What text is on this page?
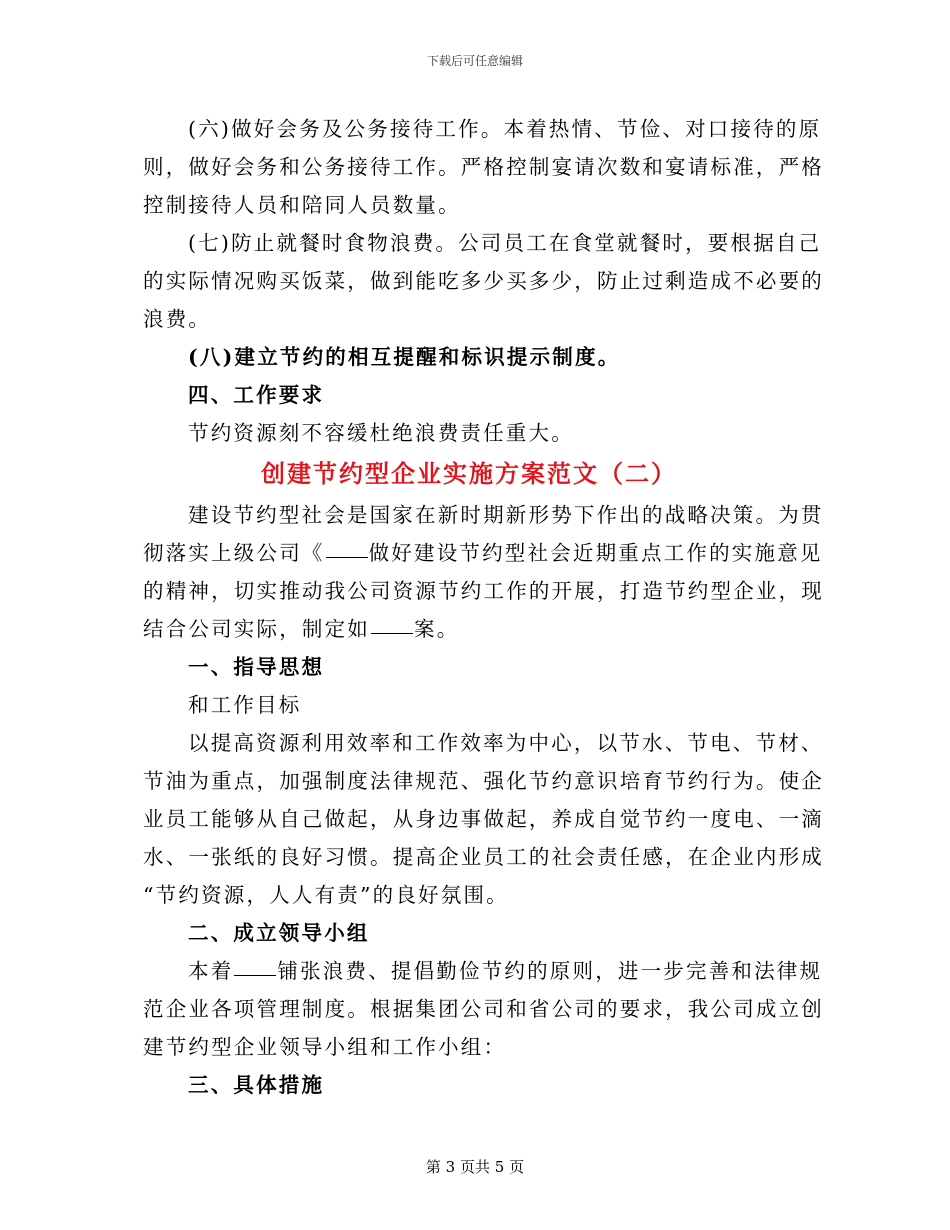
下载后可任意编辑

(六)做好会务及公务接待工作。本着热情、节俭、对口接待的原

则，做好会务和公务接待工作。严格控制宴请次数和宴请标准，严格

控制接待人员和陪同人员数量。

(七)防止就餐时食物浪费。公司员工在食堂就餐时，要根据自己

的实际情况购买饭菜，做到能吃多少买多少，防止过剩造成不必要的

浪费。

(八)建立节约的相互提醒和标识提示制度。

四、工作要求

节约资源刻不容缓杜绝浪费责任重大。

创建节约型企业实施方案范文（二）

建设节约型社会是国家在新时期新形势下作出的战略决策。为贯

彻落实上级公司《 做好建设节约型社会近期重点工作的实施意见

的精神，切实推动我公司资源节约工作的开展，打造节约型企业，现

结合公司实际，制定如 案。

一、指导思想

和工作目标

以提高资源利用效率和工作效率为中心，以节水、节电、节材、

节油为重点，加强制度法律规范、强化节约意识培育节约行为。使企

业员工能够从自己做起，从身边事做起，养成自觉节约一度电、一滴

水、一张纸的良好习惯。提高企业员工的社会责任感，在企业内形成

“节约资源，人人有责”的良好氛围。

二、成立领导小组

本着 铺张浪费、提倡勤俭节约的原则，进一步完善和法律规

范企业各项管理制度。根据集团公司和省公司的要求，我公司成立创

建节约型企业领导小组和工作小组：

三、具体措施

第 3 页共 5 页
